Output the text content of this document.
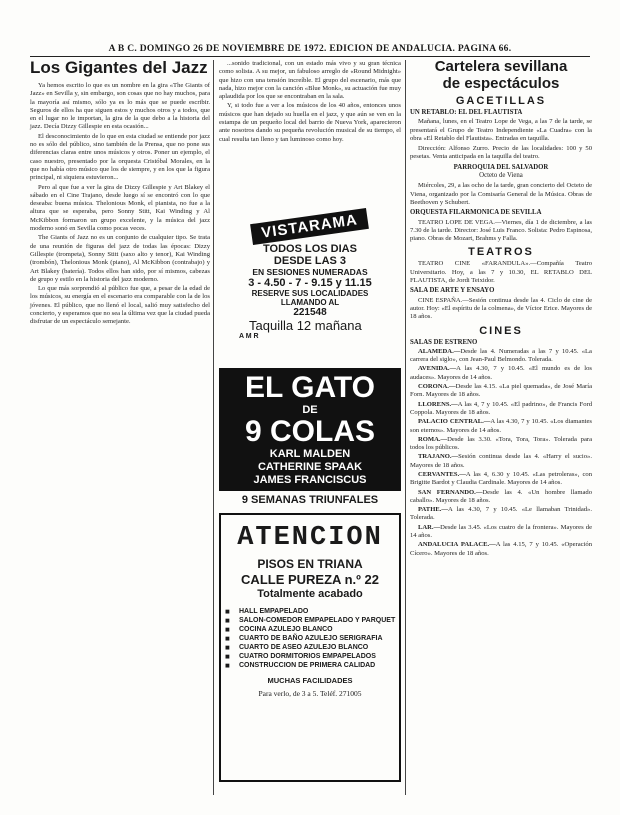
A B C. DOMINGO 26 DE NOVIEMBRE DE 1972. EDICION DE ANDALUCIA. PAGINA 66.
Los Gigantes del Jazz

Ya hemos escrito lo que es un nombre en la gira «The Giants of Jazz» en Sevilla y, sin embargo, son cosas que no hay muchos, para la mayoría así mismo, sólo ya es lo más que se puede escribir. Seguros de ellos ha que siguen estos y muchos otros y a todos, que en el lugar no le importan, la gira de la que debo a la historia del jazz. Decía Dizzy Gillespie en esta ocasión...

El desconocimiento de lo que en esta ciudad se entiende por jazz no es sólo del público, sino también de la Prensa, que no pone sus diferencias claras entre unos músicos y otros. Poner un ejemplo, el caso nuestro, presentado por la orquesta Cristóbal Morales, en la que no había otro músico que los de siempre, y en los que la figura principal, ni siquiera estuvieron...

Pero al que fue a ver la gira de Dizzy Gillespie y Art Blakey el sábado en el Cine Trajano, desde luego sí se encontró con lo que deseaba: buena música. Thelonious Monk, el pianista, no fue a la altura que se esperaba, pero Sonny Stitt, Kai Winding y Al McKibbon formaron un grupo excelente, y la música del jazz moderno sonó en Sevilla como pocas veces.

The Giants of Jazz no es un conjunto de cualquier tipo. Se trata de una reunión de figuras del jazz de todas las épocas: Dizzy Gillespie (trompeta), Sonny Stitt (saxo alto y tenor), Kai Winding (trombón), Thelonious Monk (piano), Al McKibbon (contrabajo) y Art Blakey (batería). Todos ellos han sido, por sí mismos, cabezas de grupo y estilo en la historia del jazz moderno.

Lo que más sorprendió al público fue que, a pesar de la edad de los músicos, su energía en el escenario era comparable con la de los jóvenes. El público, que no llenó el local, salió muy satisfecho del concierto, y esperamos que no sea la última vez que la ciudad pueda disfrutar de un espectáculo semejante.

...sonido tradicional, con un estado más vivo y su gran técnica como solista. A su mejor, un fabuloso arreglo de «Round Midnight» que hizo con una tensión increíble. El grupo del escenario, más que nada, hizo mejor con la canción «Blue Monk», su actuación fue muy aplaudida por los que se encontraban en la sala.

Y, si todo fue a ver a los músicos de los 40 años, entonces unos músicos que han dejado su huella en el jazz, y que aún se ven en la estampa de un pequeño local del barrio de Nueva York, aparecieron ante nosotros dando su pequeña revolución musical de su tiempo, el cual resulta tan lleno y tan luminoso como hoy.

VISTARAMA
TODOS LOS DIAS
DESDE LAS 3
EN SESIONES NUMERADAS
3 - 4.50 - 7 - 9.15 y 11.15
RESERVE SUS LOCALIDADES
LLAMANDO AL
221548
Taquilla 12 mañana
A M R
EL GATO
DE
9 COLAS
KARL MALDEN
CATHERINE SPAAK
JAMES FRANCISCUS
9 SEMANAS TRIUNFALES
ATENCION
PISOS EN TRIANA
CALLE PUREZA n.º 22
Totalmente acabado
■ HALL EMPAPELADO
■ SALON-COMEDOR EMPAPELADO Y PARQUET
■ COCINA AZULEJO BLANCO
■ CUARTO DE BAÑO AZULEJO SERIGRAFIA
■ CUARTO DE ASEO AZULEJO BLANCO
■ CUATRO DORMITORIOS EMPAPELADOS
■ CONSTRUCCION DE PRIMERA CALIDAD
MUCHAS FACILIDADES
Para verlo, de 3 a 5. Teléf. 271005
Cartelera sevillana
de espectáculos
GACETILLAS
UN RETABLO: EL DEL FLAUTISTA

Mañana, lunes, en el Teatro Lope de Vega, a las 7 de la tarde, se presentará el Grupo de Teatro Independiente «La Cuadra» con la obra «El Retablo del Flautista». Entradas en taquilla.

Dirección: Alfonso Zurro. Precio de las localidades: 100 y 50 pesetas. Venta anticipada en la taquilla del teatro.

PARROQUIA DEL SALVADOR
Octeto de Viena

Miércoles, 29, a las ocho de la tarde, gran concierto del Octeto de Viena, organizado por la Comisaría General de la Música. Obras de Beethoven y Schubert.

ORQUESTA FILARMONICA DE SEVILLA

TEATRO LOPE DE VEGA.—Viernes, día 1 de diciembre, a las 7.30 de la tarde. Director: José Luis Franco. Solista: Pedro Espinosa, piano. Obras de Mozart, Brahms y Falla.

TEATROS

TEATRO CINE «FARANDULA».—Compañía Teatro Universitario. Hoy, a las 7 y 10.30, EL RETABLO DEL FLAUTISTA, de Jordi Teixidor.

SALA DE ARTE Y ENSAYO

CINE ESPAÑA.—Sesión continua desde las 4. Ciclo de cine de autor. Hoy: «El espíritu de la colmena», de Víctor Erice. Mayores de 18 años.

CINES
SALAS DE ESTRENO

ALAMEDA.—Desde las 4. Numeradas a las 7 y 10.45. «La carrera del siglo», con Jean-Paul Belmondo. Tolerada.

AVENIDA.—A las 4.30, 7 y 10.45. «El mundo es de los audaces». Mayores de 14 años.

CORONA.—Desde las 4.15. «La piel quemada», de José María Forn. Mayores de 18 años.

LLORENS.—A las 4, 7 y 10.45. «El padrino», de Francis Ford Coppola. Mayores de 18 años.

PALACIO CENTRAL.—A las 4.30, 7 y 10.45. «Los diamantes son eternos». Mayores de 14 años.

ROMA.—Desde las 3.30. «Tora, Tora, Tora». Tolerada para todos los públicos.

TRAJANO.—Sesión continua desde las 4. «Harry el sucio». Mayores de 18 años.

CERVANTES.—A las 4, 6.30 y 10.45. «Las petroleras», con Brigitte Bardot y Claudia Cardinale. Mayores de 14 años.

SAN FERNANDO.—Desde las 4. «Un hombre llamado caballo». Mayores de 18 años.

PATHE.—A las 4.30, 7 y 10.45. «Le llamaban Trinidad». Tolerada.

LAR.—Desde las 3.45. «Los cuatro de la frontera». Mayores de 14 años.

ANDALUCIA PALACE.—A las 4.15, 7 y 10.45. «Operación Cícero». Mayores de 18 años.
